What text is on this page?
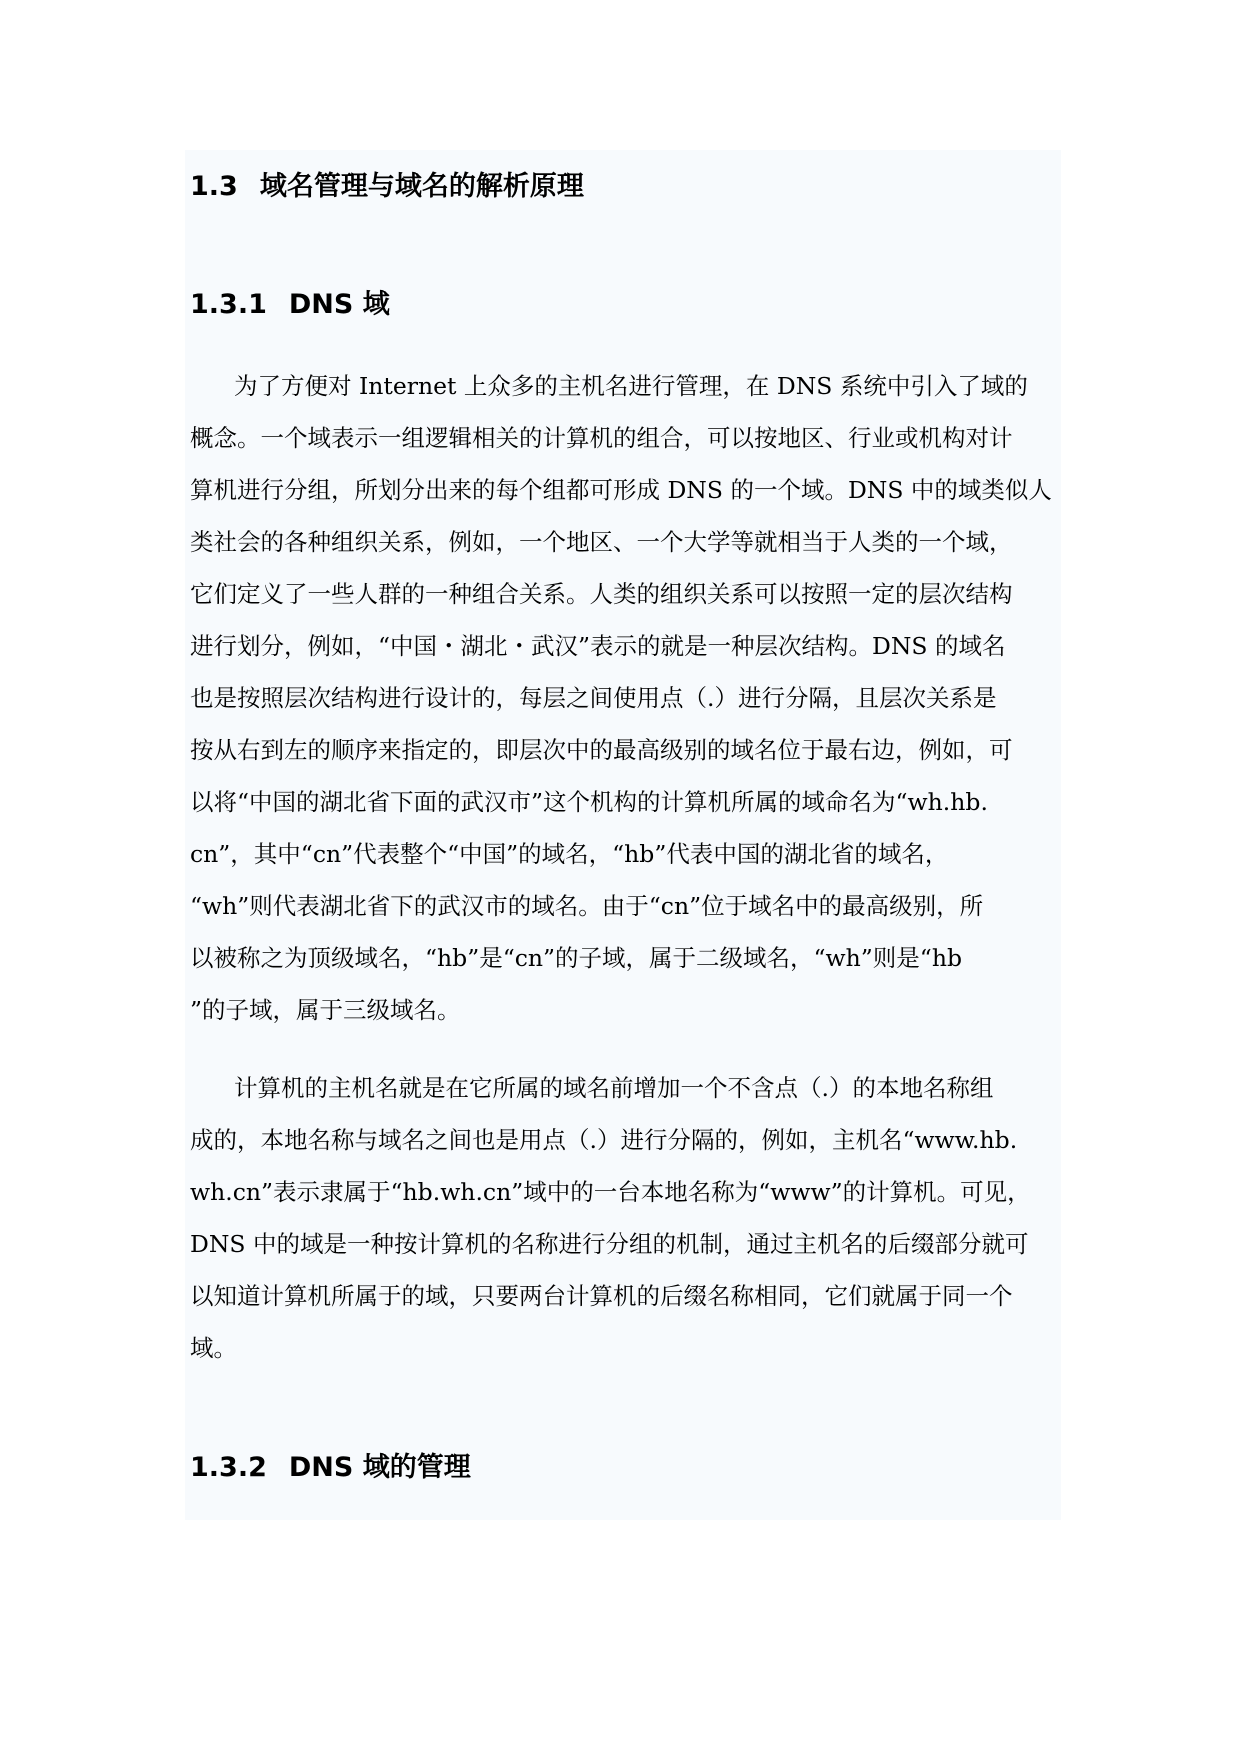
1.3 域名管理与域名的解析原理
1.3.1 DNS 域
为了方便对 Internet 上众多的主机名进行管理，在 DNS 系统中引入了域的
概念。一个域表示一组逻辑相关的计算机的组合，可以按地区、行业或机构对计
算机进行分组，所划分出来的每个组都可形成 DNS 的一个域。DNS 中的域类似人
类社会的各种组织关系，例如，一个地区、一个大学等就相当于人类的一个域，
它们定义了一些人群的一种组合关系。人类的组织关系可以按照一定的层次结构
进行划分，例如，“中国・湖北・武汉”表示的就是一种层次结构。DNS 的域名
也是按照层次结构进行设计的，每层之间使用点（.）进行分隔，且层次关系是
按从右到左的顺序来指定的，即层次中的最高级别的域名位于最右边，例如，可
以将“中国的湖北省下面的武汉市”这个机构的计算机所属的域命名为“wh.hb.
cn”，其中“cn”代表整个“中国”的域名，“hb”代表中国的湖北省的域名，
“wh”则代表湖北省下的武汉市的域名。由于“cn”位于域名中的最高级别，所
以被称之为顶级域名，“hb”是“cn”的子域，属于二级域名，“wh”则是“hb
”的子域，属于三级域名。
计算机的主机名就是在它所属的域名前增加一个不含点（.）的本地名称组
成的，本地名称与域名之间也是用点（.）进行分隔的，例如，主机名“www.hb.
wh.cn”表示隶属于“hb.wh.cn”域中的一台本地名称为“www”的计算机。可见，
DNS 中的域是一种按计算机的名称进行分组的机制，通过主机名的后缀部分就可
以知道计算机所属于的域，只要两台计算机的后缀名称相同，它们就属于同一个
域。
1.3.2 DNS 域的管理
